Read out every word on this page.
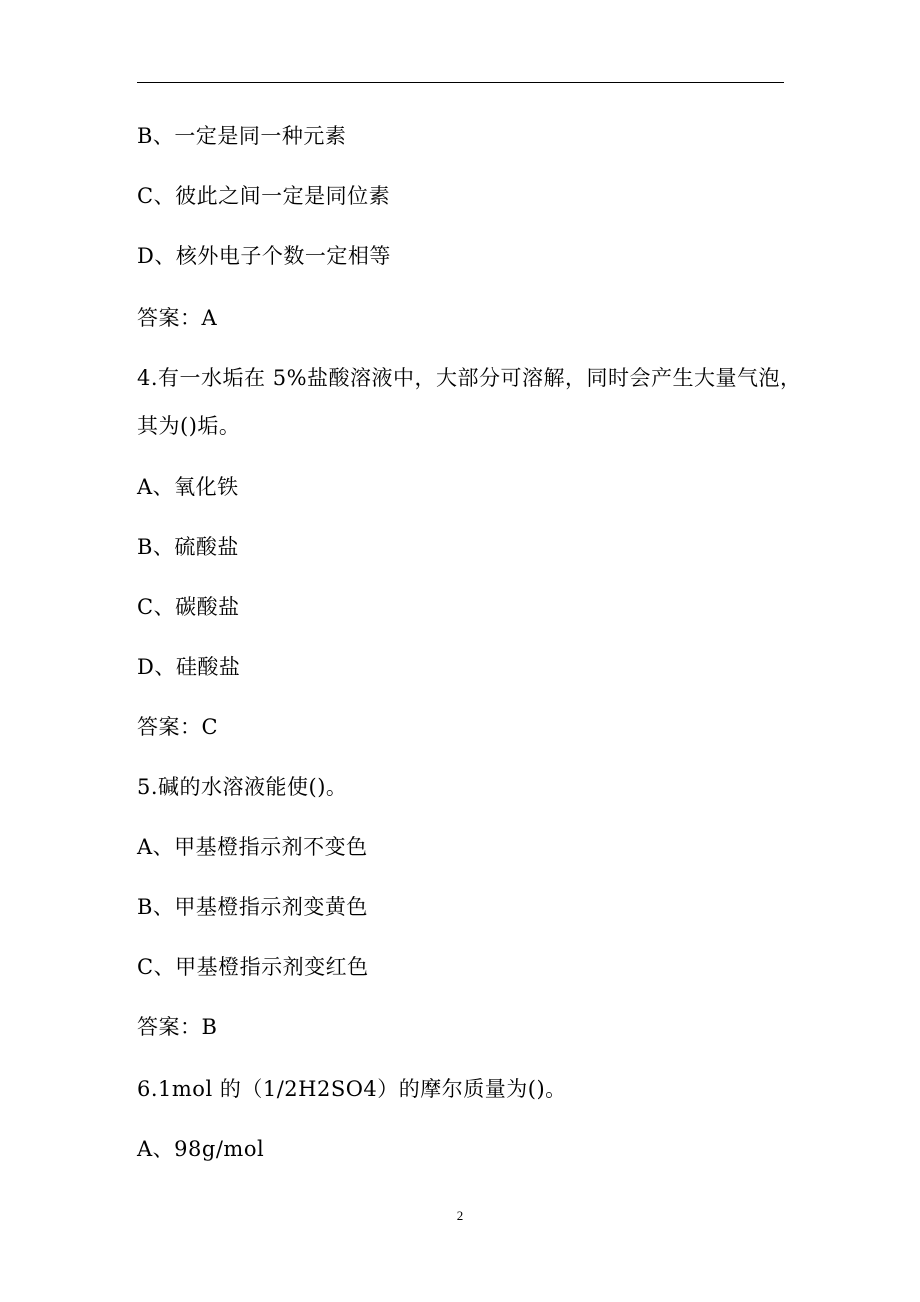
B、一定是同一种元素
C、彼此之间一定是同位素
D、核外电子个数一定相等
答案：A
4.有一水垢在 5%盐酸溶液中，大部分可溶解，同时会产生大量气泡，
其为()垢。
A、氧化铁
B、硫酸盐
C、碳酸盐
D、硅酸盐
答案：C
5.碱的水溶液能使()。
A、甲基橙指示剂不变色
B、甲基橙指示剂变黄色
C、甲基橙指示剂变红色
答案：B
6.1mol 的（1/2H2SO4）的摩尔质量为()。
A、98g/mol
2
